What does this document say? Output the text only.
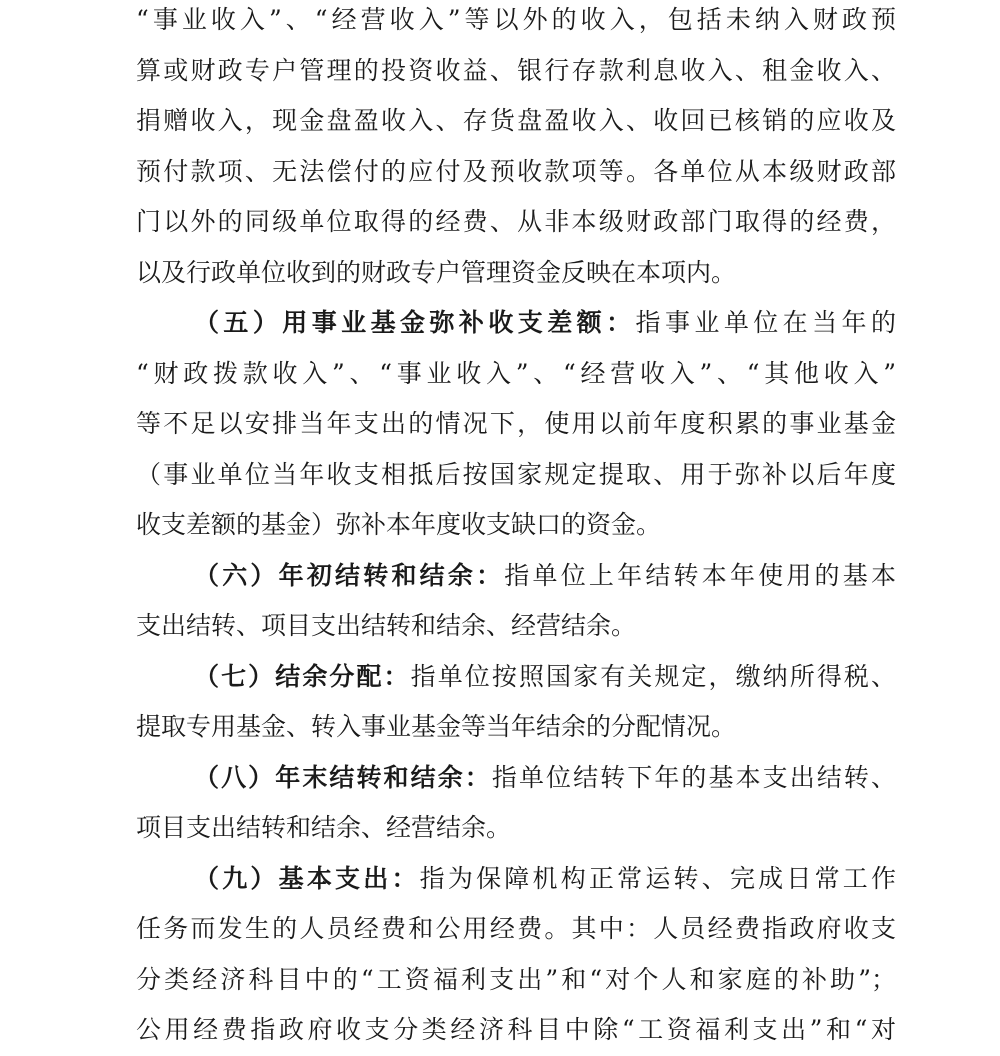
“事业收入”、“经营收入”等以外的收入，包括未纳入财政预
算或财政专户管理的投资收益、银行存款利息收入、租金收入、
捐赠收入，现金盘盈收入、存货盘盈收入、收回已核销的应收及
预付款项、无法偿付的应付及预收款项等。各单位从本级财政部
门以外的同级单位取得的经费、从非本级财政部门取得的经费，
以及行政单位收到的财政专户管理资金反映在本项内。
（五）用事业基金弥补收支差额：指事业单位在当年的
“财政拨款收入”、“事业收入”、“经营收入”、“其他收入”
等不足以安排当年支出的情况下，使用以前年度积累的事业基金
（事业单位当年收支相抵后按国家规定提取、用于弥补以后年度
收支差额的基金）弥补本年度收支缺口的资金。
（六）年初结转和结余：指单位上年结转本年使用的基本
支出结转、项目支出结转和结余、经营结余。
（七）结余分配：指单位按照国家有关规定，缴纳所得税、
提取专用基金、转入事业基金等当年结余的分配情况。
（八）年末结转和结余：指单位结转下年的基本支出结转、
项目支出结转和结余、经营结余。
（九）基本支出：指为保障机构正常运转、完成日常工作
任务而发生的人员经费和公用经费。其中：人员经费指政府收支
分类经济科目中的“工资福利支出”和“对个人和家庭的补助”；
公用经费指政府收支分类经济科目中除“工资福利支出”和“对
